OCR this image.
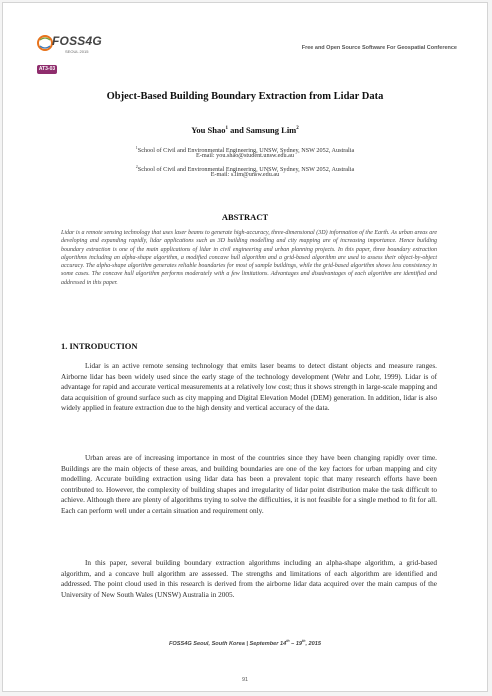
FOSS4G
SEOUL 2015
Free and Open Source Software For Geospatial Conference
AT3-03
Object-Based Building Boundary Extraction from Lidar Data
You Shao$^1$ and Samsung Lim$^2$
$^1$School of Civil and Environmental Engineering, UNSW, Sydney, NSW 2052, Australia
E-mail: you.shao@student.unsw.edu.au
$^2$School of Civil and Environmental Engineering, UNSW, Sydney, NSW 2052, Australia
E-mail: s.lim@unsw.edu.au
ABSTRACT
Lidar is a remote sensing technology that uses laser beams to generate high-accuracy, three-dimensional (3D) information of the Earth. As urban areas are developing and expanding rapidly, lidar applications such as 3D building modelling and city mapping are of increasing importance. Hence building boundary extraction is one of the main applications of lidar in civil engineering and urban planning projects. In this paper, three boundary extraction algorithms including an alpha-shape algorithm, a modified concave hull algorithm and a grid-based algorithm are used to assess their object-by-object accuracy. The alpha-shape algorithm generates reliable boundaries for most of sample buildings, while the grid-based algorithm shows less consistency in some cases. The concave hull algorithm performs moderately with a few limitations. Advantages and disadvantages of each algorithm are identified and addressed in this paper.
1. INTRODUCTION

Lidar is an active remote sensing technology that emits laser beams to detect distant objects and measure ranges. Airborne lidar has been widely used since the early stage of the technology development (Wehr and Lohr, 1999). Lidar is of advantage for rapid and accurate vertical measurements at a relatively low cost; thus it shows strength in large-scale mapping and data acquisition of ground surface such as city mapping and Digital Elevation Model (DEM) generation. In addition, lidar is also widely applied in feature extraction due to the high density and vertical accuracy of the data.

Urban areas are of increasing importance in most of the countries since they have been changing rapidly over time. Buildings are the main objects of these areas, and building boundaries are one of the key factors for urban mapping and city modelling. Accurate building extraction using lidar data has been a prevalent topic that many research efforts have been contributed to. However, the complexity of building shapes and irregularity of lidar point distribution make the task difficult to achieve. Although there are plenty of algorithms trying to solve the difficulties, it is not feasible for a single method to fit for all. Each can perform well under a certain situation and requirement only.

In this paper, several building boundary extraction algorithms including an alpha-shape algorithm, a grid-based algorithm, and a concave hull algorithm are assessed. The strengths and limitations of each algorithm are identified and addressed. The point cloud used in this research is derived from the airborne lidar data acquired over the main campus of the University of New South Wales (UNSW) Australia in 2005.

FOSS4G Seoul, South Korea | September 14th – 19th, 2015
91
